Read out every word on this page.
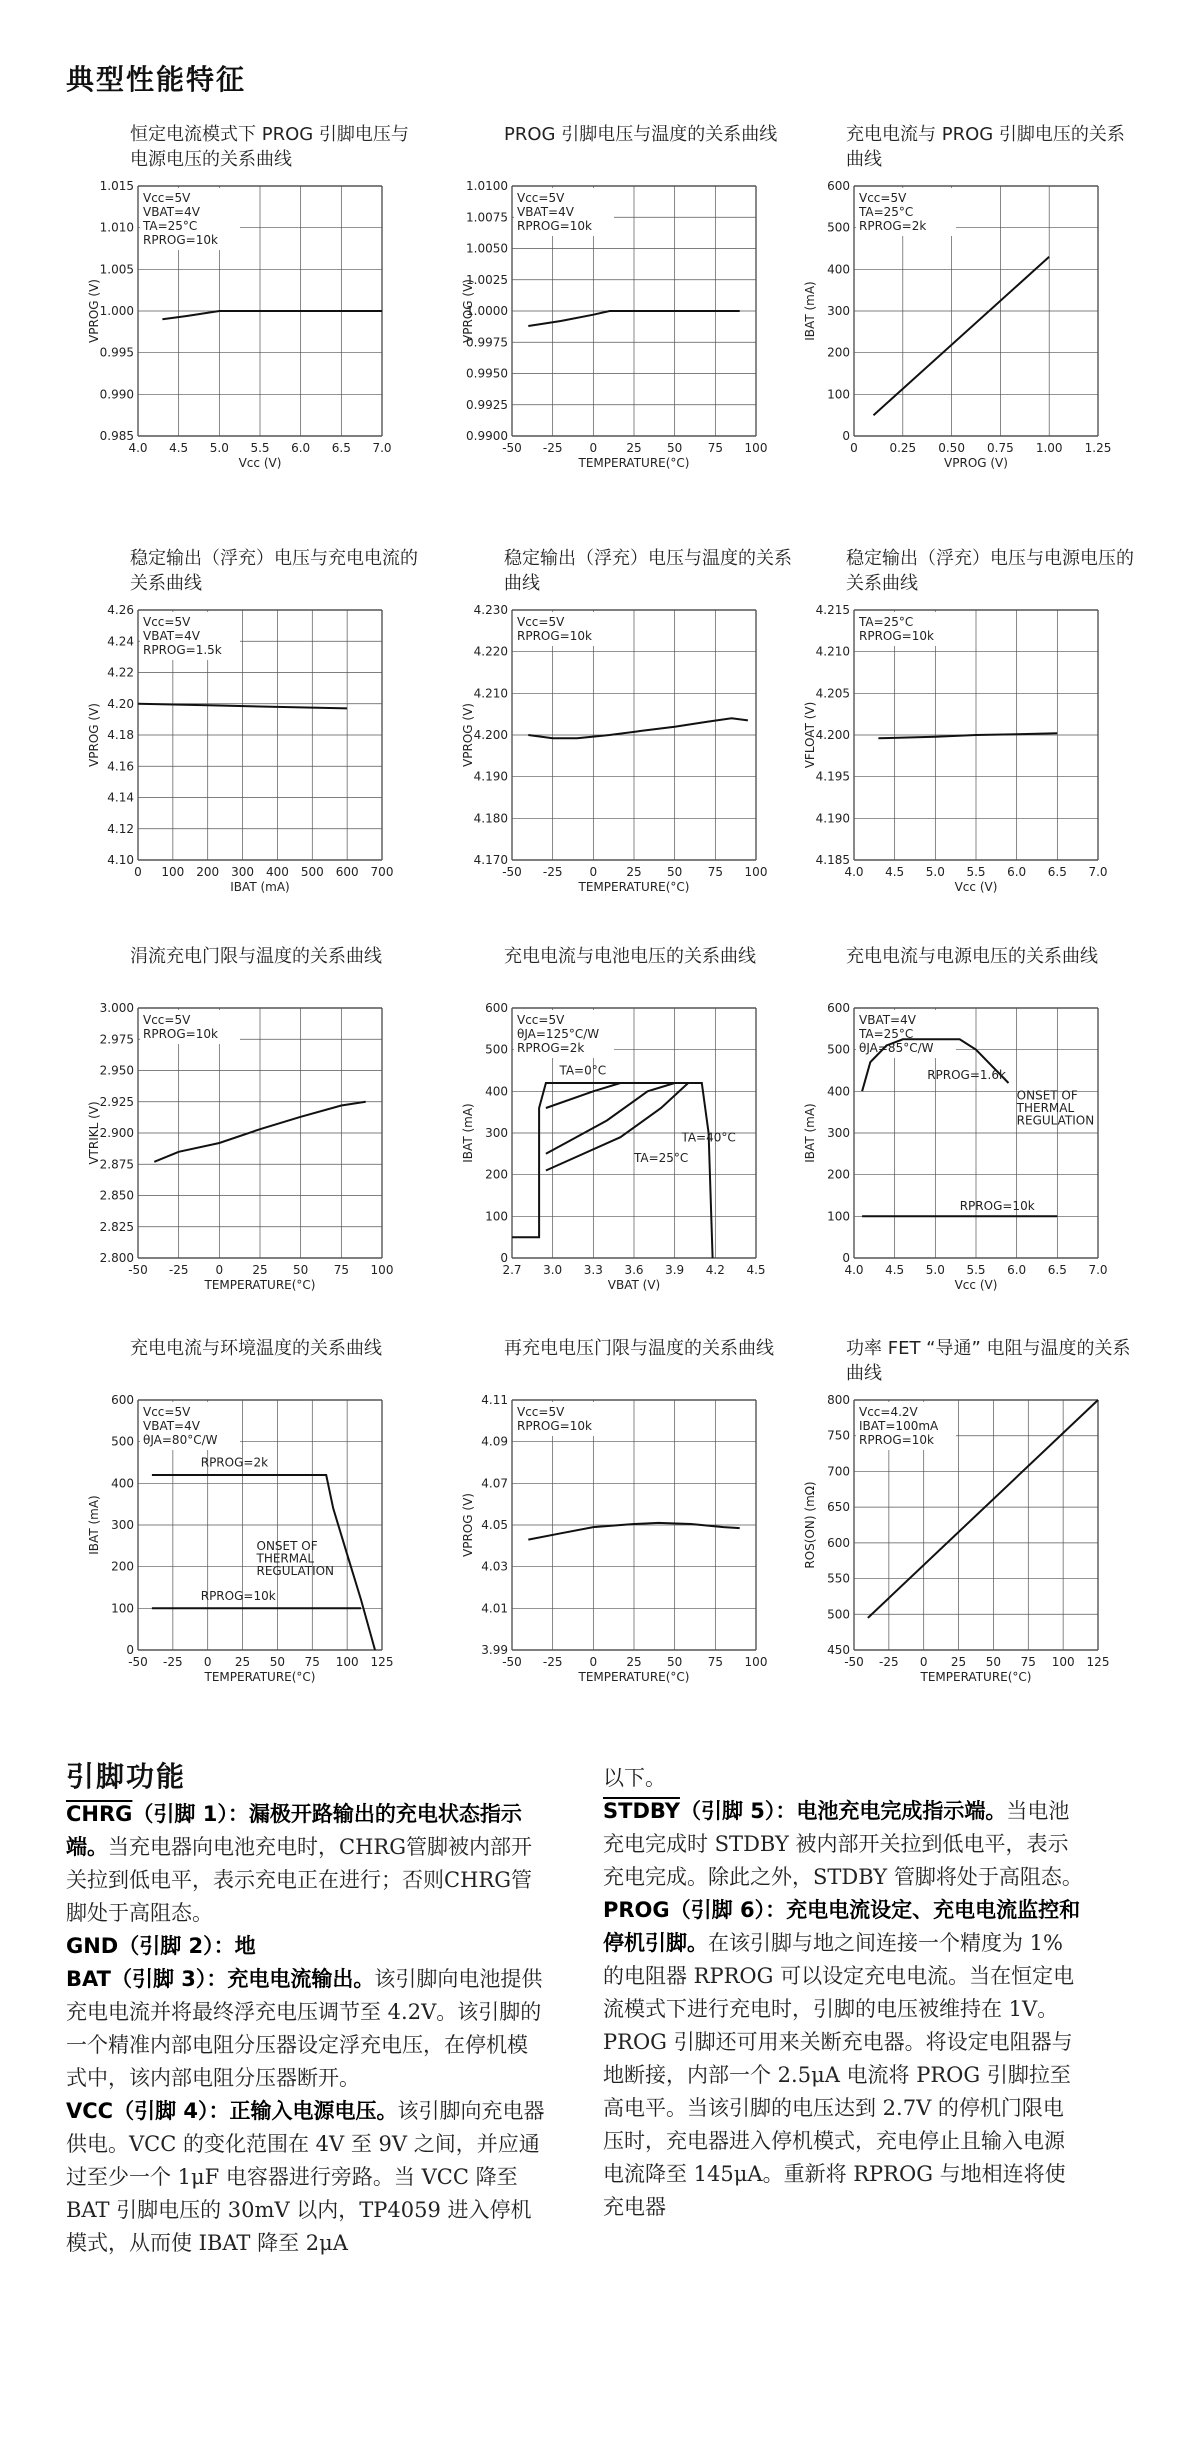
典型性能特征
恒定电流模式下 PROG 引脚电压与电源电压的关系曲线
4.0 4.5 5.0 5.5 6.0 6.5 7.0
1.015
1.010
1.005
1.000
0.995
0.990
0.985
Vcc (V)
VPROG (V)
Vcc=5V
VBAT=4V
TA=25°C
RPROG=10k
PROG 引脚电压与温度的关系曲线
-50 -25 0 25 50 75 100
1.0100
1.0075
1.0050
1.0025
1.0000
0.9975
0.9950
0.9925
0.9900
TEMPERATURE(°C)
VPROG (V)
Vcc=5V
VBAT=4V
RPROG=10k
充电电流与 PROG 引脚电压的关系曲线
0	0.25 0.50 0.75 1.00 1.25
600
500
400
300
200
100
0
VPROG (V)
IBAT (mA)
Vcc=5V
TA=25°C
RPROG=2k
稳定输出（浮充）电压与充电电流的关系曲线
0 100 200 300 400 500 600 700
4.26
4.24
4.22
4.20
4.18
4.16
4.14
4.12
4.10
IBAT (mA)
VPROG (V)
Vcc=5V
VBAT=4V
RPROG=1.5k
稳定输出（浮充）电压与温度的关系曲线
-50 -25 0 25 50 75 100
4.230
4.220
4.210
4.200
4.190
4.180
4.170
TEMPERATURE(°C)
VPROG (V)
Vcc=5V
RPROG=10k
稳定输出（浮充）电压与电源电压的关系曲线
4.0 4.5 5.0 5.5 6.0 6.5 7.0
4.215
4.210
4.205
4.200
4.195
4.190
4.185
Vcc (V)
VFLOAT (V)
TA=25°C
RPROG=10k
涓流充电门限与温度的关系曲线
-50 -25 0 25 50 75 100
3.000
2.975
2.950
2.925
2.900
2.875
2.850
2.825
2.800
TEMPERATURE(°C)
VTRIKL (V)
Vcc=5V
RPROG=10k
充电电流与电池电压的关系曲线
2.7 3.0 3.3 3.6 3.9 4.2 4.5
600
500
400
300
200
100
0
VBAT (V)
IBAT (mA)
Vcc=5V
θJA=125°C/W
RPROG=2k
TA=0°C
TA=40°C
TA=25°C
充电电流与电源电压的关系曲线
4.0 4.5 5.0 5.5 6.0 6.5 7.0
600
500
400
300
200
100
0
Vcc (V)
IBAT (mA)
VBAT=4V
TA=25°C
θJA=85°C/W
RPROG=1.6k
ONSET OF
THERMAL
REGULATION
RPROG=10k
充电电流与环境温度的关系曲线
-50 -25 0 25 50 75 100 125
600
500
400
300
200
100
0
TEMPERATURE(°C)
IBAT (mA)
Vcc=5V
VBAT=4V
θJA=80°C/W
RPROG=2k
ONSET OF
THERMAL
REGULATION
RPROG=10k
再充电电压门限与温度的关系曲线
-50 -25 0 25 50 75 100
4.11
4.09
4.07
4.05
4.03
4.01
3.99
TEMPERATURE(°C)
VPROG (V)
Vcc=5V
RPROG=10k
功率 FET “导通” 电阻与温度的关系曲线
-50 -25 0 25 50 75 100 125
800
750
700
650
600
550
500
450
TEMPERATURE(°C)
ROS(ON) (mΩ)
Vcc=4.2V
IBAT=100mA
RPROG=10k
引脚功能

CHRG（引脚 1）：漏极开路输出的充电状态指示端。当充电器向电池充电时，CHRG管脚被内部开关拉到低电平，表示充电正在进行；否则CHRG管脚处于高阻态。

GND（引脚 2）：地

BAT（引脚 3）：充电电流输出。该引脚向电池提供充电电流并将最终浮充电压调节至 4.2V。该引脚的一个精准内部电阻分压器设定浮充电压，在停机模式中，该内部电阻分压器断开。

VCC（引脚 4）：正输入电源电压。该引脚向充电器供电。VCC 的变化范围在 4V 至 9V 之间，并应通过至少一个 1μF 电容器进行旁路。当 VCC 降至 BAT 引脚电压的 30mV 以内，TP4059 进入停机模式，从而使 IBAT 降至 2μA

以下。

STDBY（引脚 5）：电池充电完成指示端。当电池充电完成时 STDBY 被内部开关拉到低电平，表示充电完成。除此之外，STDBY 管脚将处于高阻态。

PROG（引脚 6）：充电电流设定、充电电流监控和停机引脚。在该引脚与地之间连接一个精度为 1%的电阻器 RPROG 可以设定充电电流。当在恒定电流模式下进行充电时，引脚的电压被维持在 1V。

PROG 引脚还可用来关断充电器。将设定电阻器与地断接，内部一个 2.5μA 电流将 PROG 引脚拉至高电平。当该引脚的电压达到 2.7V 的停机门限电压时，充电器进入停机模式，充电停止且输入电源电流降至 145μA。重新将 RPROG 与地相连将使充电器
